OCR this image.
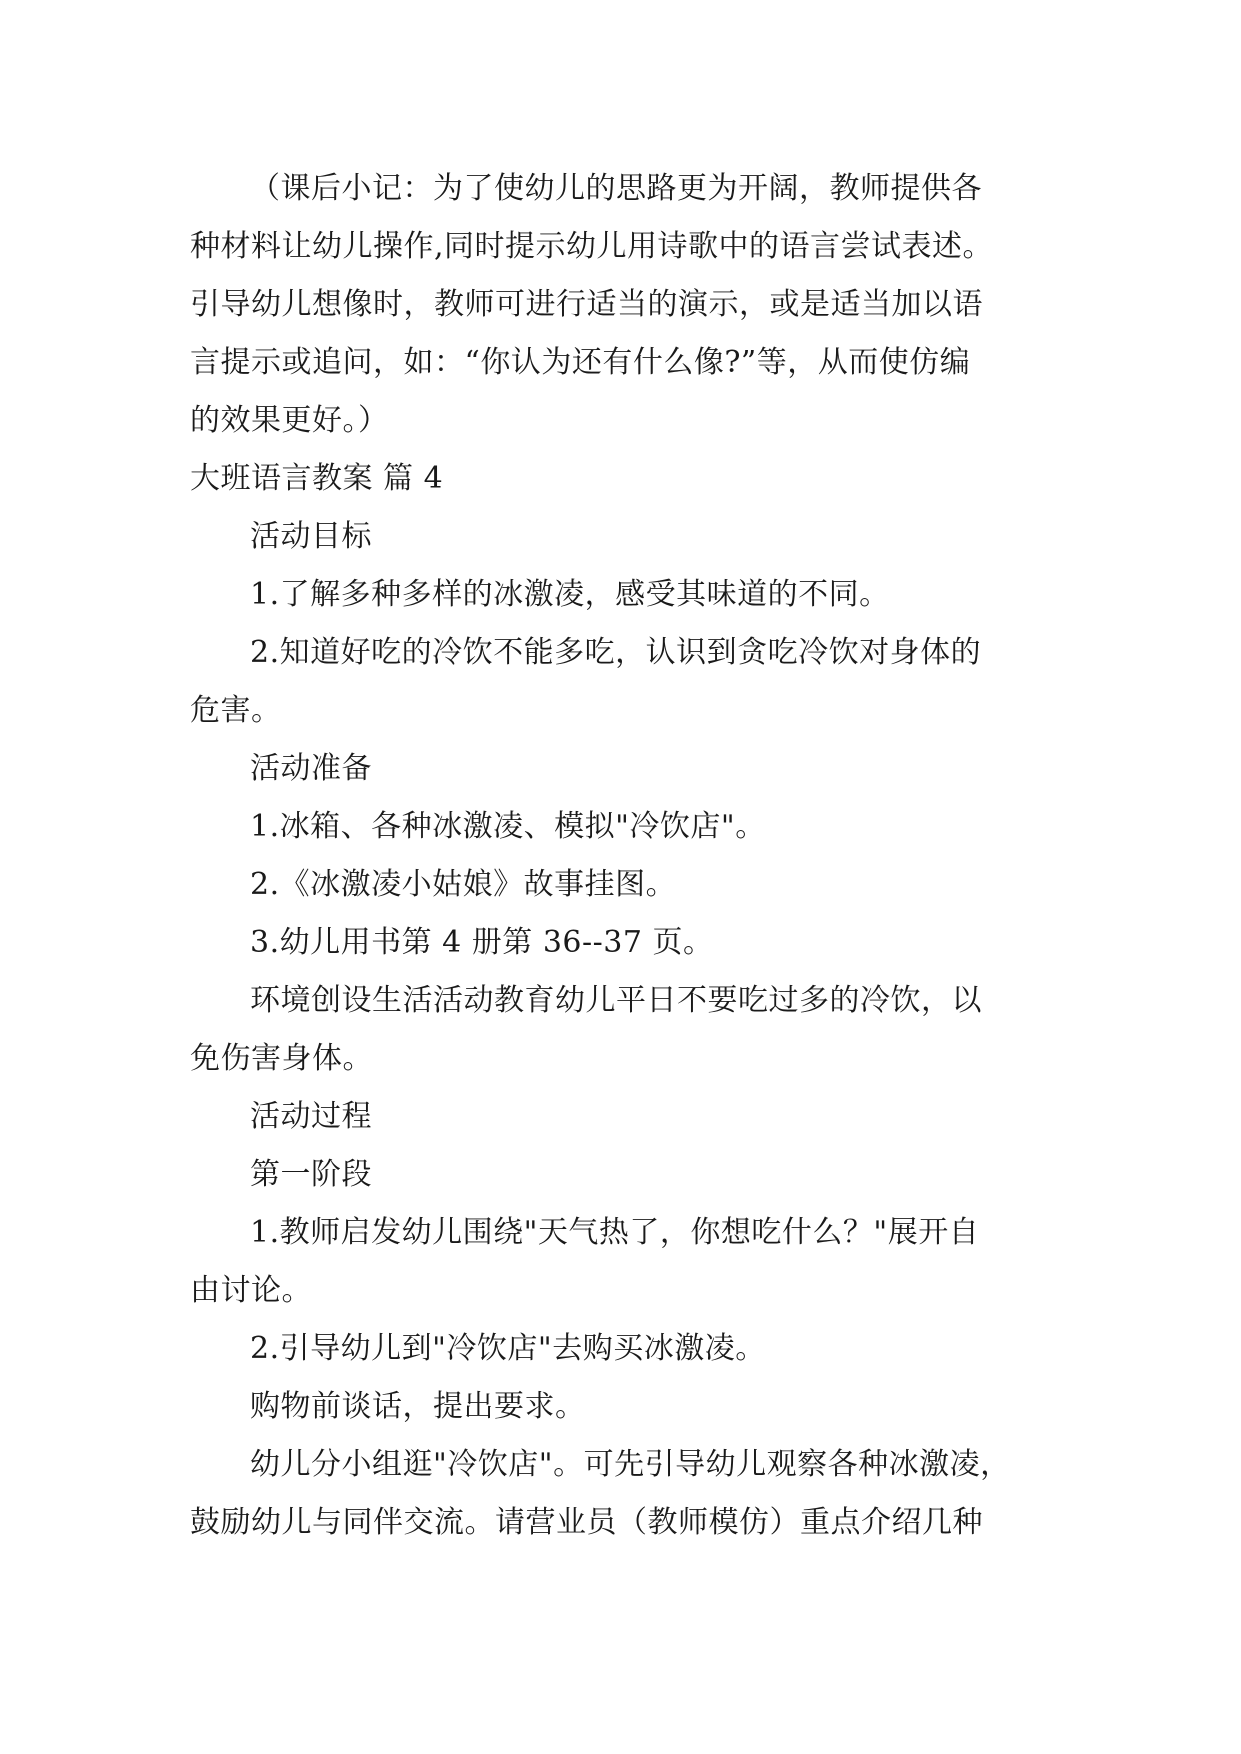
（课后小记：为了使幼儿的思路更为开阔，教师提供各
种材料让幼儿操作,同时提示幼儿用诗歌中的语言尝试表述。
引导幼儿想像时，教师可进行适当的演示，或是适当加以语
言提示或追问，如：“你认为还有什么像?”等，从而使仿编
的效果更好。）
大班语言教案 篇 4
活动目标
1.了解多种多样的冰激凌，感受其味道的不同。
2.知道好吃的冷饮不能多吃，认识到贪吃冷饮对身体的
危害。
活动准备
1.冰箱、各种冰激凌、模拟"冷饮店"。
2.《冰激凌小姑娘》故事挂图。
3.幼儿用书第 4 册第 36--37 页。
环境创设生活活动教育幼儿平日不要吃过多的冷饮，以
免伤害身体。
活动过程
第一阶段
1.教师启发幼儿围绕"天气热了，你想吃什么？"展开自
由讨论。
2.引导幼儿到"冷饮店"去购买冰激凌。
购物前谈话，提出要求。
幼儿分小组逛"冷饮店"。可先引导幼儿观察各种冰激凌，
鼓励幼儿与同伴交流。请营业员（教师模仿）重点介绍几种
